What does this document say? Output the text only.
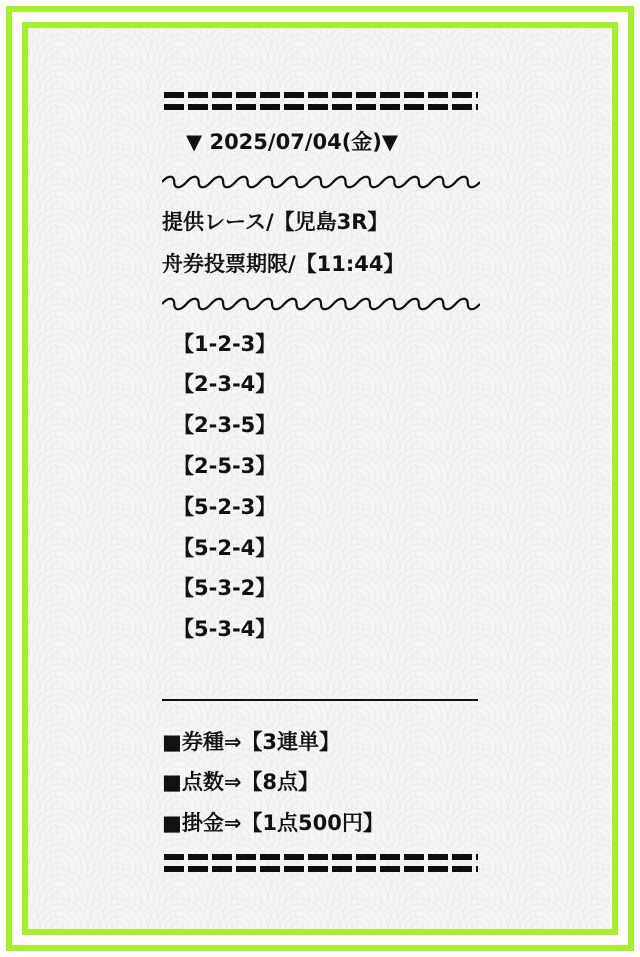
▼ 2025/07/04(金)▼
提供レース/【児島3R】
舟券投票期限/【11:44】
【1-2-3】
【2-3-4】
【2-3-5】
【2-5-3】
【5-2-3】
【5-2-4】
【5-3-2】
【5-3-4】
■券種⇒【3連単】
■点数⇒【8点】
■掛金⇒【1点500円】
